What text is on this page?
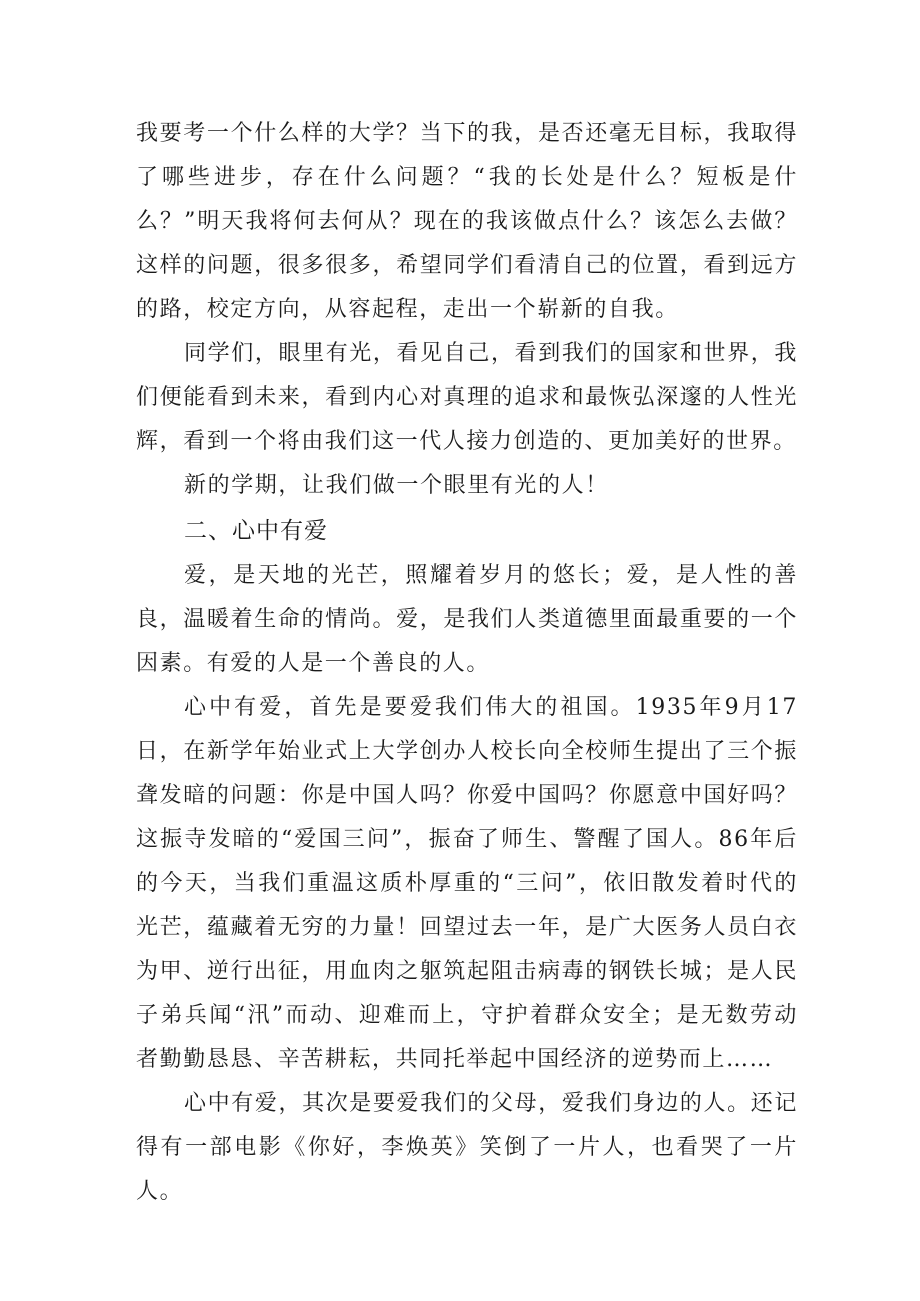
我要考一个什么样的大学？当下的我，是否还毫无目标，我取得了哪些进步，存在什么问题？“我的长处是什么？短板是什么？”明天我将何去何从？现在的我该做点什么？该怎么去做？这样的问题，很多很多，希望同学们看清自己的位置，看到远方的路，校定方向，从容起程，走出一个崭新的自我。

同学们，眼里有光，看见自己，看到我们的国家和世界，我们便能看到未来，看到内心对真理的追求和最恢弘深邃的人性光辉，看到一个将由我们这一代人接力创造的、更加美好的世界。

新的学期，让我们做一个眼里有光的人！

二、心中有爱

爱，是天地的光芒，照耀着岁月的悠长；爱，是人性的善良，温暖着生命的情尚。爱，是我们人类道德里面最重要的一个因素。有爱的人是一个善良的人。

心中有爱，首先是要爱我们伟大的祖国。1935年9月17日，在新学年始业式上大学创办人校长向全校师生提出了三个振聋发暗的问题：你是中国人吗？你爱中国吗？你愿意中国好吗？这振寺发暗的“爱国三问”，振奋了师生、警醒了国人。86年后的今天，当我们重温这质朴厚重的“三问”，依旧散发着时代的光芒，蕴藏着无穷的力量！回望过去一年，是广大医务人员白衣为甲、逆行出征，用血肉之躯筑起阻击病毒的钢铁长城；是人民子弟兵闻“汛”而动、迎难而上，守护着群众安全；是无数劳动者勤勤恳恳、辛苦耕耘，共同托举起中国经济的逆势而上……

心中有爱，其次是要爱我们的父母，爱我们身边的人。还记得有一部电影《你好，李焕英》笑倒了一片人，也看哭了一片人。
